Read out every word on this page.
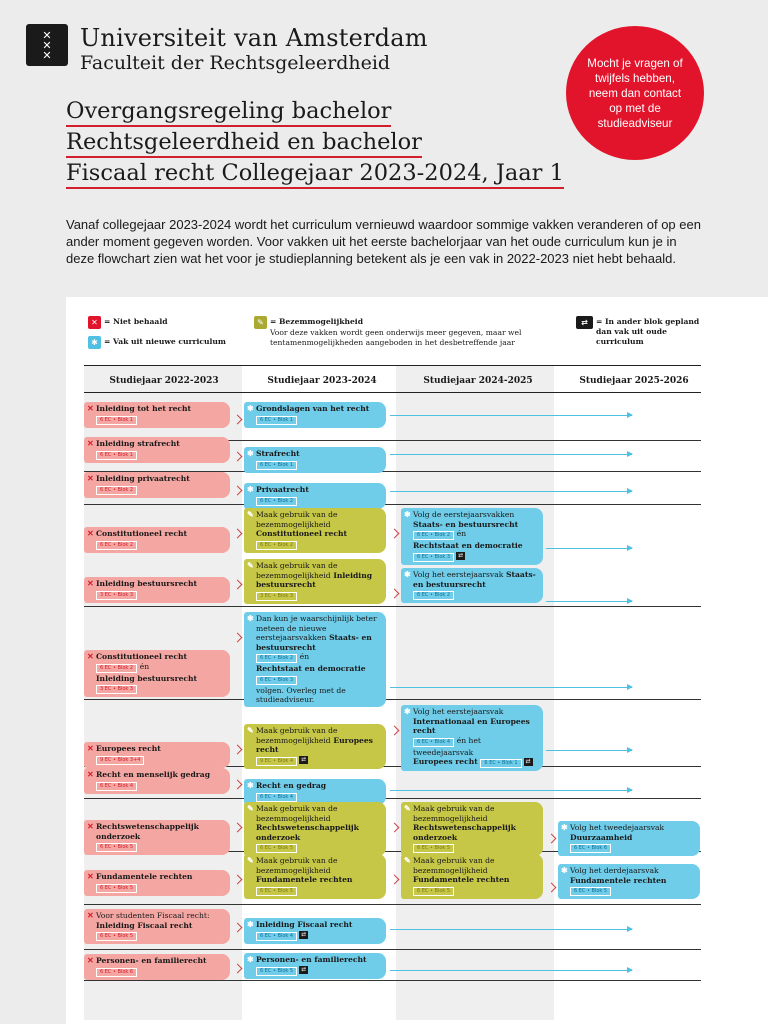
✕
✕
✕
Universiteit van Amsterdam
Faculteit der Rechtsgeleerdheid	Mocht je vragen of twijfels hebben, neem dan contact op met de studieadviseur
Overgangsregeling bachelor
Rechtsgeleerdheid en bachelor
Fiscaal recht Collegejaar 2023-2024, Jaar 1
Vanaf collegejaar 2023-2024 wordt het curriculum vernieuwd waardoor sommige vakken veranderen of op een ander moment gegeven worden. Voor vakken uit het eerste bachelorjaar van het oude curriculum kun je in deze flowchart zien wat het voor je studieplanning betekent als je een vak in 2022-2023 niet hebt behaald.
✕ = Niet behaald
✱ = Vak uit nieuwe curriculum
✎ = Bezemmogelijkheid
Voor deze vakken wordt geen onderwijs meer gegeven, maar wel tentamenmogelijkheden aangeboden in het desbetreffende jaar
⇄	= In ander blok gepland dan vak uit oude curriculum
Studiejaar 2022-2023	Studiejaar 2023-2024	Studiejaar 2024-2025	Studiejaar 2025-2026
✕ Inleiding tot het recht
6 EC • Blok 1
✱ Grondslagen van het recht
6 EC • Blok 1
✕ Inleiding strafrecht
6 EC • Blok 1	✱ Strafrecht
6 EC • Blok 1
✕ Inleiding privaatrecht
6 EC • Blok 2	✱ Privaatrecht
6 EC • Blok 2
✕ Constitutioneel recht
6 EC • Blok 2
✎ Maak gebruik van de bezemmogelijkheid Constitutioneel recht
6 EC • Blok 2
✱ Volg de eerstejaarsvakken Staats- en bestuursrecht
6 EC • Blok 2 én
Rechtstaat en democratie 6 EC • Blok 3 ⇄
✕ Inleiding bestuursrecht
3 EC • Blok 3
✎ Maak gebruik van de bezemmogelijkheid Inleiding bestuursrecht
3 EC • Blok 3
✱ Volg het eerstejaarsvak Staats- en bestuursrecht
6 EC • Blok 2
✕ Constitutioneel recht
6 EC • Blok 2 én
Inleiding bestuursrecht 3 EC • Blok 3
✱ Dan kun je waarschijnlijk beter meteen de nieuwe eerstejaarsvakken Staats- en bestuursrecht
6 EC • Blok 2 én
Rechtstaat en democratie 6 EC • Blok 3
volgen. Overleg met de studieadviseur.
✕ Europees recht
9 EC • Blok 3+4
✎ Maak gebruik van de bezemmogelijkheid Europees recht
9 EC • Blok 4 ⇄
✱ Volg het eerstejaarsvak Internationaal en Europees recht
6 EC • Blok 4 én het tweedejaarsvak
Europees recht 6 EC • Blok 1 ⇄
✕ Recht en menselijk gedrag
6 EC • Blok 4	✱ Recht en gedrag
6 EC • Blok 4
✕ Rechtswetenschappelijk onderzoek
6 EC • Blok 5
✎ Maak gebruik van de bezemmogelijkheid Rechtswetenschappelijk onderzoek
6 EC • Blok 5
✎ Maak gebruik van de bezemmogelijkheid Rechtswetenschappelijk onderzoek
6 EC • Blok 5
✱ Volg het tweedejaarsvak Duurzaamheid
6 EC • Blok 6
✕ Fundamentele rechten
6 EC • Blok 5
✎ Maak gebruik van de bezemmogelijkheid Fundamentele rechten
6 EC • Blok 5
✎ Maak gebruik van de bezemmogelijkheid Fundamentele rechten
6 EC • Blok 5
✱ Volg het derdejaarsvak Fundamentele rechten
6 EC • Blok 5
✕ Voor studenten Fiscaal recht: Inleiding Fiscaal recht
6 EC • Blok 5
✱ Inleiding Fiscaal recht
6 EC • Blok 4 ⇄
✕ Personen- en familierecht
6 EC • Blok 6
✱ Personen- en familierecht
6 EC • Blok 5 ⇄
